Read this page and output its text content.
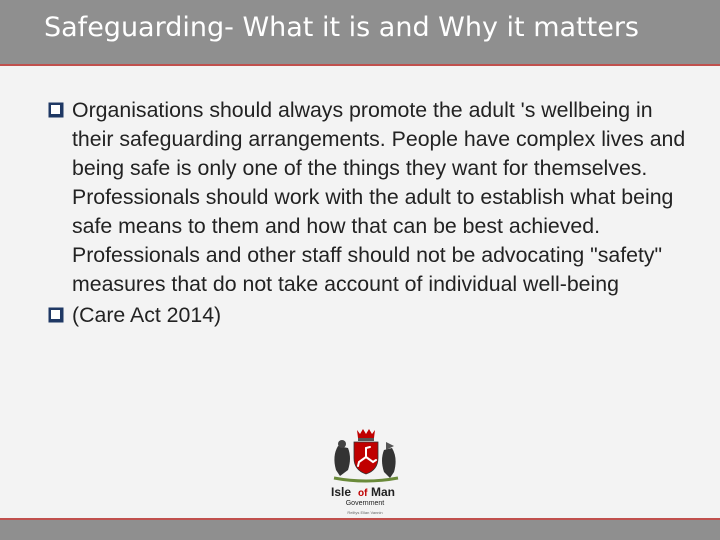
Safeguarding- What it is and Why it matters
Organisations should always promote the adult 's wellbeing in their safeguarding arrangements. People have complex lives and being safe is only one of the things they want for themselves. Professionals should work with the adult to establish what being safe means to them and how that can be best achieved. Professionals and other staff should not be advocating "safety" measures that do not take account of individual well-being
(Care Act 2014)
Isle of Man
Government
Reiltys Ellan Vannin
